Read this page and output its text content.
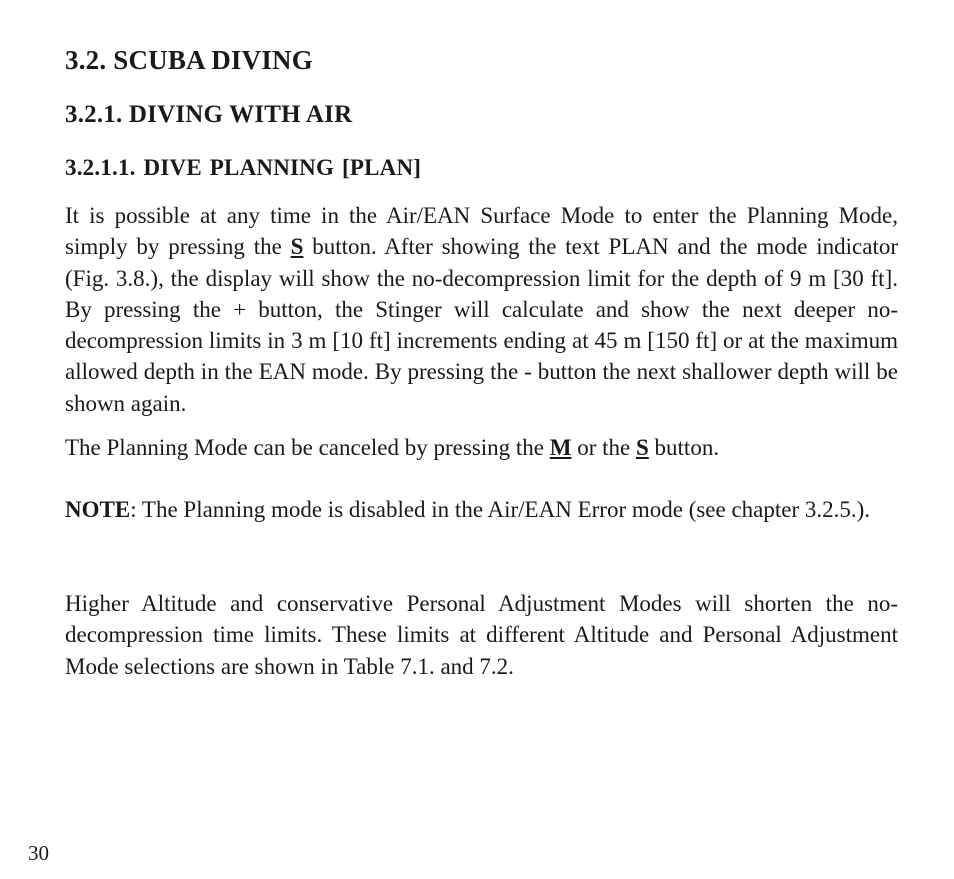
3.2. SCUBA DIVING
3.2.1. DIVING WITH AIR
3.2.1.1. DIVE PLANNING [PLAN]

It is possible at any time in the Air/EAN Surface Mode to enter the Planning Mode, simply by pressing the S button. After showing the text PLAN and the mode indicator (Fig. 3.8.), the display will show the no-decompression limit for the depth of 9 m [30 ft]. By pressing the + button, the Stinger will calculate and show the next deeper no-decompression limits in 3 m [10 ft] increments ending at 45 m [150 ft] or at the maximum allowed depth in the EAN mode. By pressing the - button the next shallower depth will be shown again.

The Planning Mode can be canceled by pressing the M or the S button.

NOTE: The Planning mode is disabled in the Air/EAN Error mode (see chapter 3.2.5.).

Higher Altitude and conservative Personal Adjustment Modes will shorten the no-decompression time limits. These limits at different Altitude and Personal Adjustment Mode selections are shown in Table 7.1. and 7.2.

30
